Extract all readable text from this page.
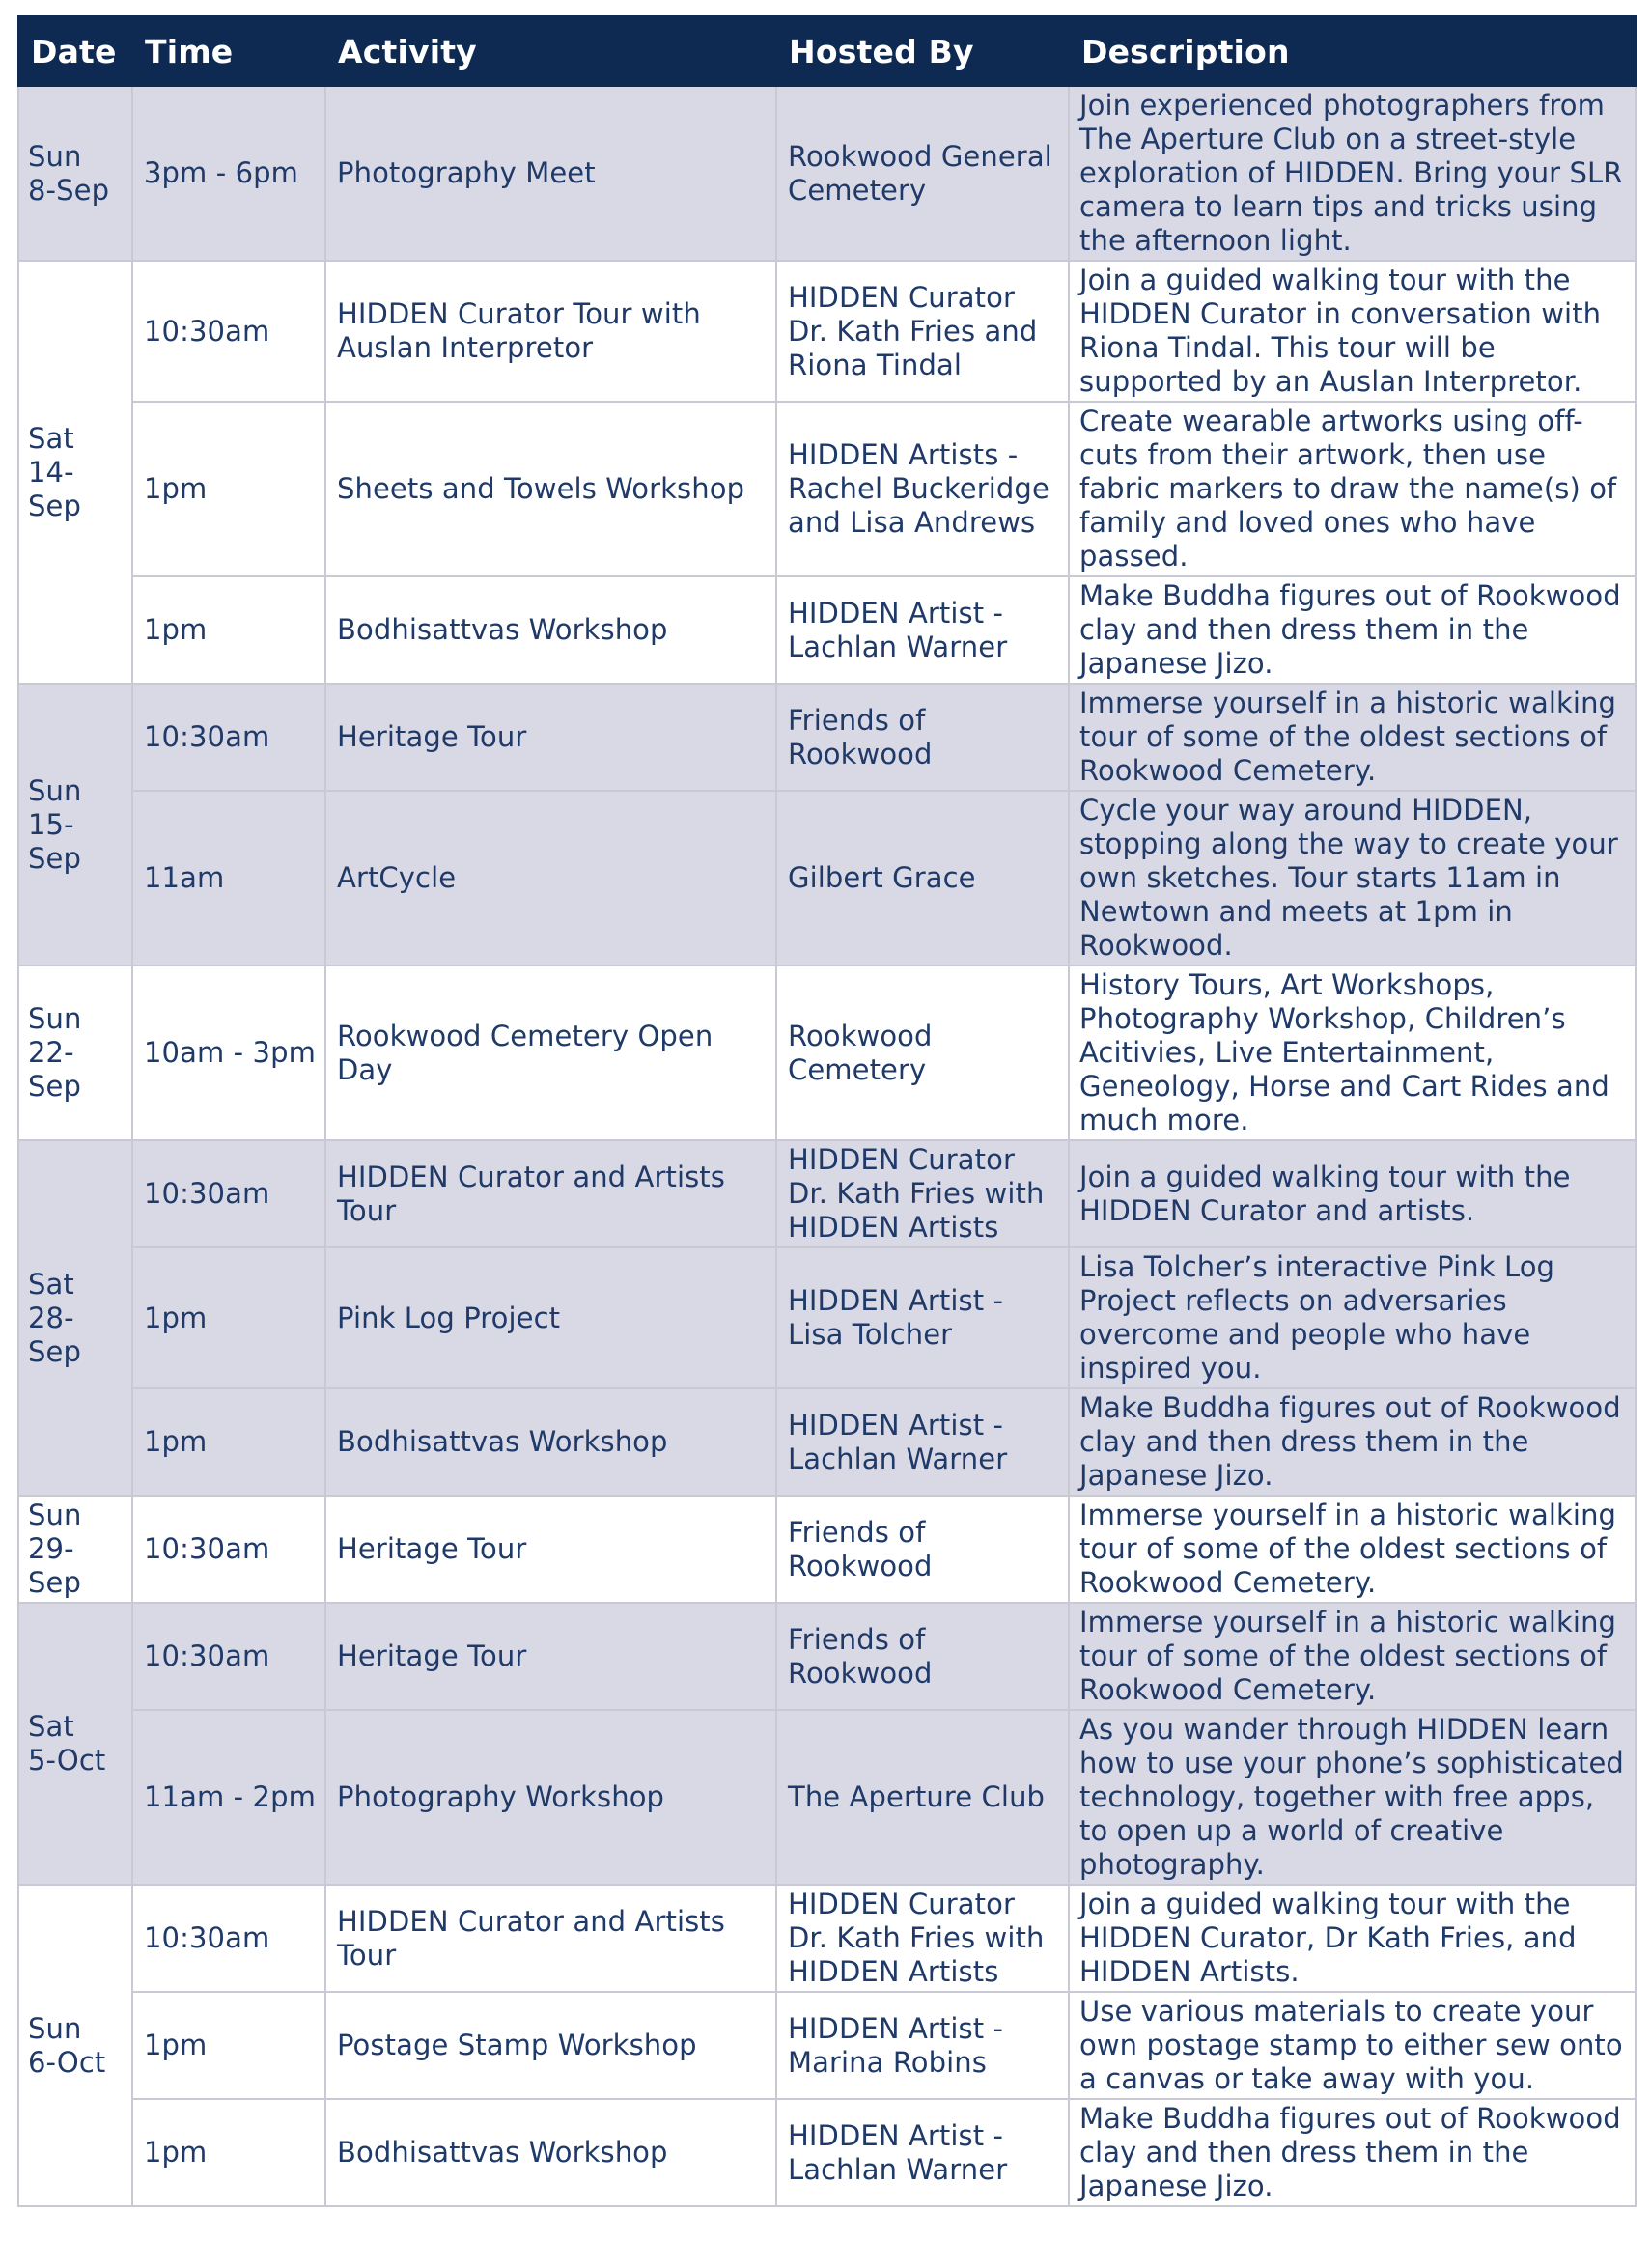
Date	Time	Activity	Hosted By	Description
Sun
8-Sep	3pm - 6pm	Photography Meet	Rookwood General Cemetery	Join experienced photographers from The Aperture Club on a street-style exploration of HIDDEN. Bring your SLR camera to learn tips and tricks using the afternoon light.
Sat
14-Sep	10:30am	HIDDEN Curator Tour with Auslan Interpretor	HIDDEN Curator Dr. Kath Fries and Riona Tindal	Join a guided walking tour with the HIDDEN Curator in conversation with Riona Tindal. This tour will be supported by an Auslan Interpretor.
	1pm	Sheets and Towels Workshop	HIDDEN Artists - Rachel Buckeridge and Lisa Andrews	Create wearable artworks using off-cuts from their artwork, then use fabric markers to draw the name(s) of family and loved ones who have passed.
	1pm	Bodhisattvas Workshop	HIDDEN Artist - Lachlan Warner	Make Buddha figures out of Rookwood clay and then dress them in the Japanese Jizo.
Sun
15-Sep	10:30am	Heritage Tour	Friends of Rookwood	Immerse yourself in a historic walking tour of some of the oldest sections of Rookwood Cemetery.
	11am	ArtCycle	Gilbert Grace	Cycle your way around HIDDEN, stopping along the way to create your own sketches. Tour starts 11am in Newtown and meets at 1pm in Rookwood.
Sun
22-Sep	10am - 3pm	Rookwood Cemetery Open Day	Rookwood Cemetery	History Tours, Art Workshops, Photography Workshop, Children’s Acitivies, Live Entertainment, Geneology, Horse and Cart Rides and much more.
Sat
28-Sep	10:30am	HIDDEN Curator and Artists Tour	HIDDEN Curator Dr. Kath Fries with HIDDEN Artists	Join a guided walking tour with the HIDDEN Curator and artists.
	1pm	Pink Log Project	HIDDEN Artist - Lisa Tolcher	Lisa Tolcher’s interactive Pink Log Project reflects on adversaries overcome and people who have inspired you.
	1pm	Bodhisattvas Workshop	HIDDEN Artist - Lachlan Warner	Make Buddha figures out of Rookwood clay and then dress them in the Japanese Jizo.
Sun
29-Sep	10:30am	Heritage Tour	Friends of Rookwood	Immerse yourself in a historic walking tour of some of the oldest sections of Rookwood Cemetery.
Sat
5-Oct	10:30am	Heritage Tour	Friends of Rookwood	Immerse yourself in a historic walking tour of some of the oldest sections of Rookwood Cemetery.
	11am - 2pm	Photography Workshop	The Aperture Club	As you wander through HIDDEN learn how to use your phone’s sophisticated technology, together with free apps, to open up a world of creative photography.
Sun
6-Oct	10:30am	HIDDEN Curator and Artists Tour	HIDDEN Curator Dr. Kath Fries with HIDDEN Artists	Join a guided walking tour with the HIDDEN Curator, Dr Kath Fries, and HIDDEN Artists.
	1pm	Postage Stamp Workshop	HIDDEN Artist - Marina Robins	Use various materials to create your own postage stamp to either sew onto a canvas or take away with you.
	1pm	Bodhisattvas Workshop	HIDDEN Artist - Lachlan Warner	Make Buddha figures out of Rookwood clay and then dress them in the Japanese Jizo.
